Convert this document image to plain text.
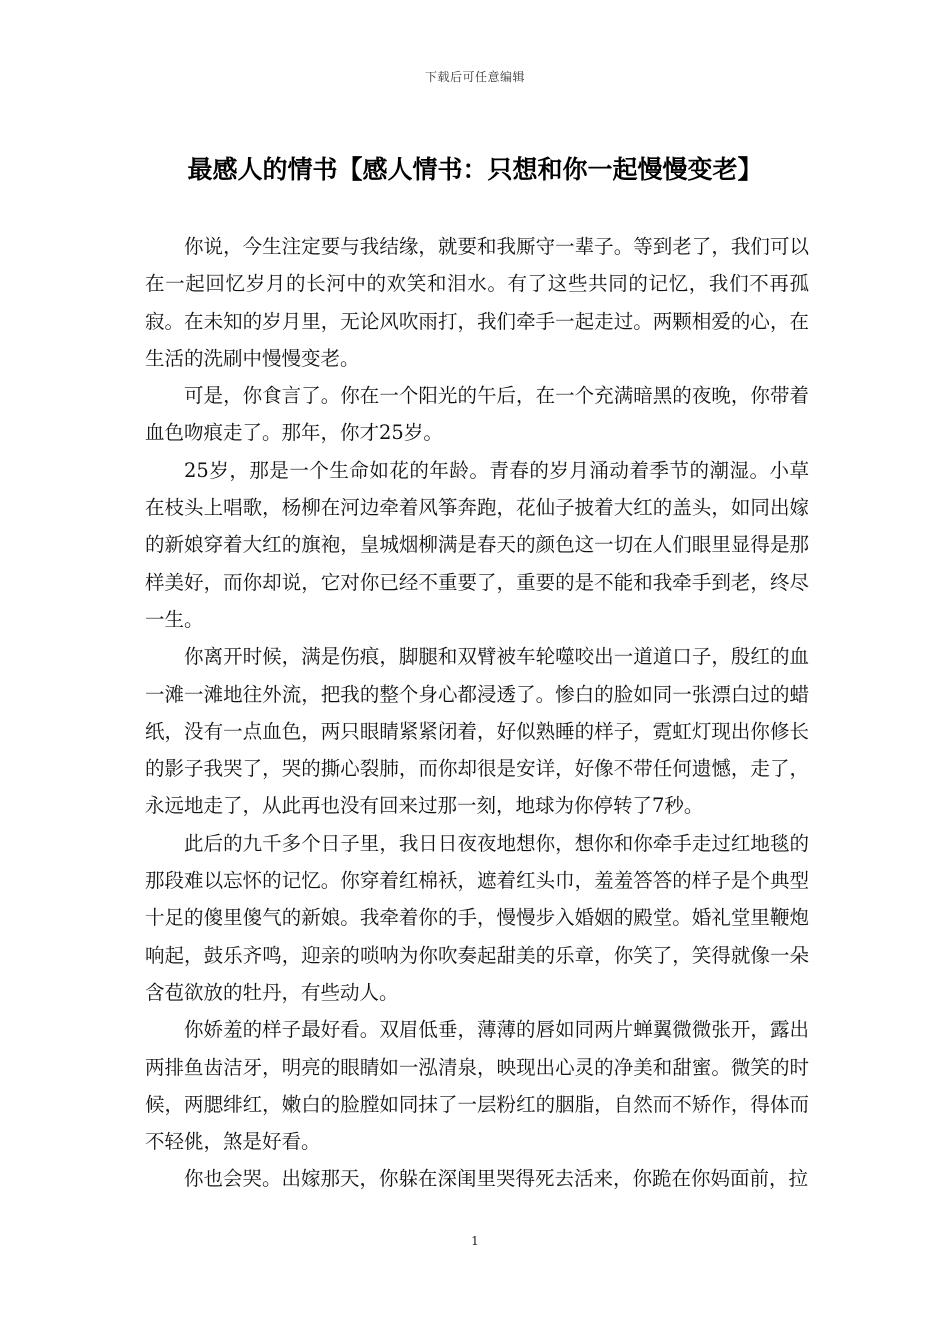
下载后可任意编辑
最感人的情书【感人情书：只想和你一起慢慢变老】

你说，今生注定要与我结缘，就要和我厮守一辈子。等到老了，我们可以在一起回忆岁月的长河中的欢笑和泪水。有了这些共同的记忆，我们不再孤寂。在未知的岁月里，无论风吹雨打，我们牵手一起走过。两颗相爱的心，在生活的洗刷中慢慢变老。

可是，你食言了。你在一个阳光的午后，在一个充满暗黑的夜晚，你带着血色吻痕走了。那年，你才25岁。

25岁，那是一个生命如花的年龄。青春的岁月涌动着季节的潮湿。小草在枝头上唱歌，杨柳在河边牵着风筝奔跑，花仙子披着大红的盖头，如同出嫁的新娘穿着大红的旗袍，皇城烟柳满是春天的颜色这一切在人们眼里显得是那样美好，而你却说，它对你已经不重要了，重要的是不能和我牵手到老，终尽一生。

你离开时候，满是伤痕，脚腿和双臂被车轮噬咬出一道道口子，殷红的血一滩一滩地往外流，把我的整个身心都浸透了。惨白的脸如同一张漂白过的蜡纸，没有一点血色，两只眼睛紧紧闭着，好似熟睡的样子，霓虹灯现出你修长的影子我哭了，哭的撕心裂肺，而你却很是安详，好像不带任何遗憾，走了，永远地走了，从此再也没有回来过那一刻，地球为你停转了7秒。

此后的九千多个日子里，我日日夜夜地想你，想你和你牵手走过红地毯的那段难以忘怀的记忆。你穿着红棉袄，遮着红头巾，羞羞答答的样子是个典型十足的傻里傻气的新娘。我牵着你的手，慢慢步入婚姻的殿堂。婚礼堂里鞭炮响起，鼓乐齐鸣，迎亲的唢呐为你吹奏起甜美的乐章，你笑了，笑得就像一朵含苞欲放的牡丹，有些动人。

你娇羞的样子最好看。双眉低垂，薄薄的唇如同两片蝉翼微微张开，露出两排鱼齿洁牙，明亮的眼睛如一泓清泉，映现出心灵的净美和甜蜜。微笑的时候，两腮绯红，嫩白的脸膛如同抹了一层粉红的胭脂，自然而不矫作，得体而不轻佻，煞是好看。

你也会哭。出嫁那天，你躲在深闺里哭得死去活来，你跪在你妈面前，拉

1
